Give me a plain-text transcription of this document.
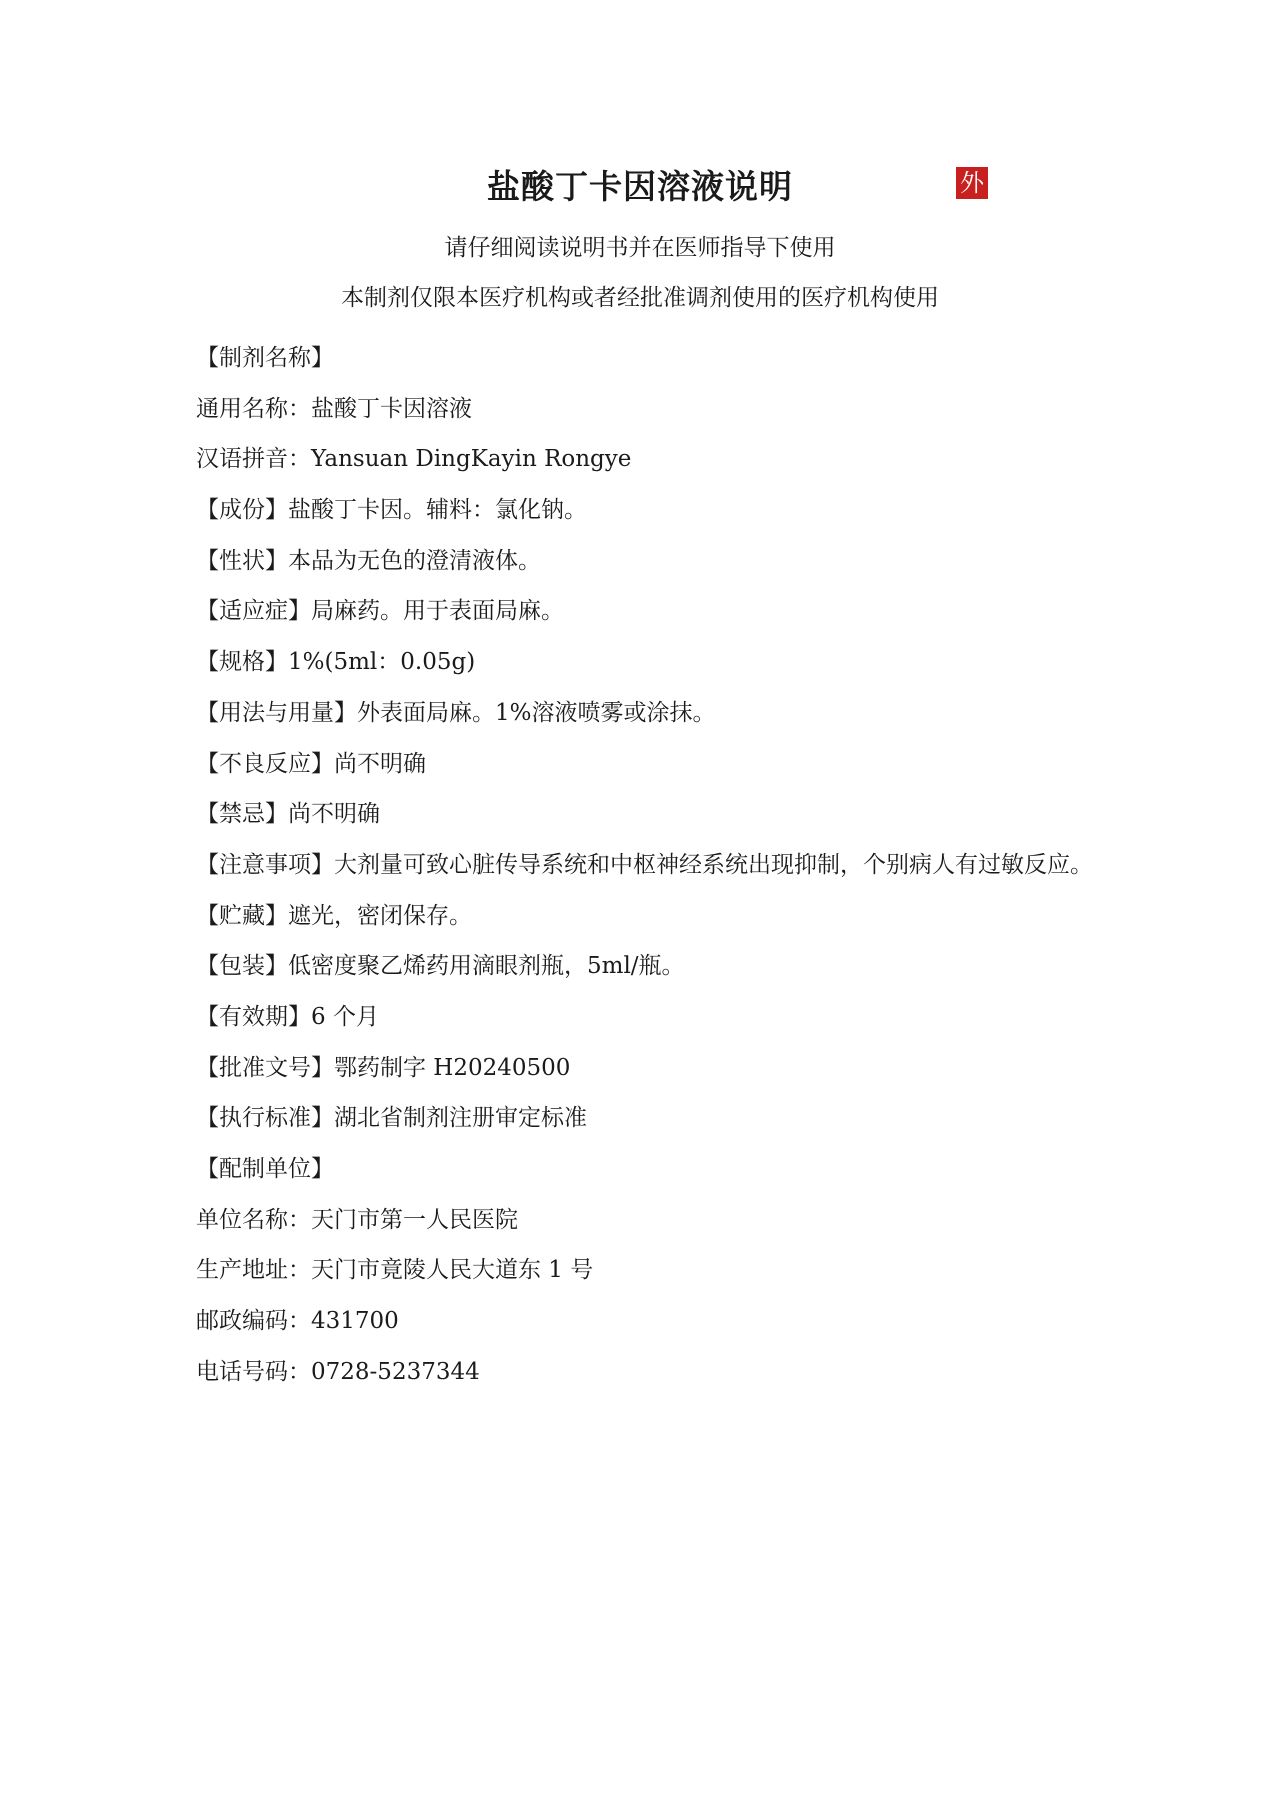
盐酸丁卡因溶液说明	外
请仔细阅读说明书并在医师指导下使用
本制剂仅限本医疗机构或者经批准调剂使用的医疗机构使用
【制剂名称】
通用名称：盐酸丁卡因溶液
汉语拼音：Yansuan DingKayin Rongye
【成份】盐酸丁卡因。辅料：氯化钠。
【性状】本品为无色的澄清液体。
【适应症】局麻药。用于表面局麻。
【规格】1%(5ml：0.05g)
【用法与用量】外表面局麻。1%溶液喷雾或涂抹。
【不良反应】尚不明确
【禁忌】尚不明确
【注意事项】大剂量可致心脏传导系统和中枢神经系统出现抑制，个别病人有过敏反应。
【贮藏】遮光，密闭保存。
【包装】低密度聚乙烯药用滴眼剂瓶，5ml/瓶。
【有效期】6 个月
【批准文号】鄂药制字 H20240500
【执行标准】湖北省制剂注册审定标准
【配制单位】
单位名称：天门市第一人民医院
生产地址：天门市竟陵人民大道东 1 号
邮政编码：431700
电话号码：0728-5237344
